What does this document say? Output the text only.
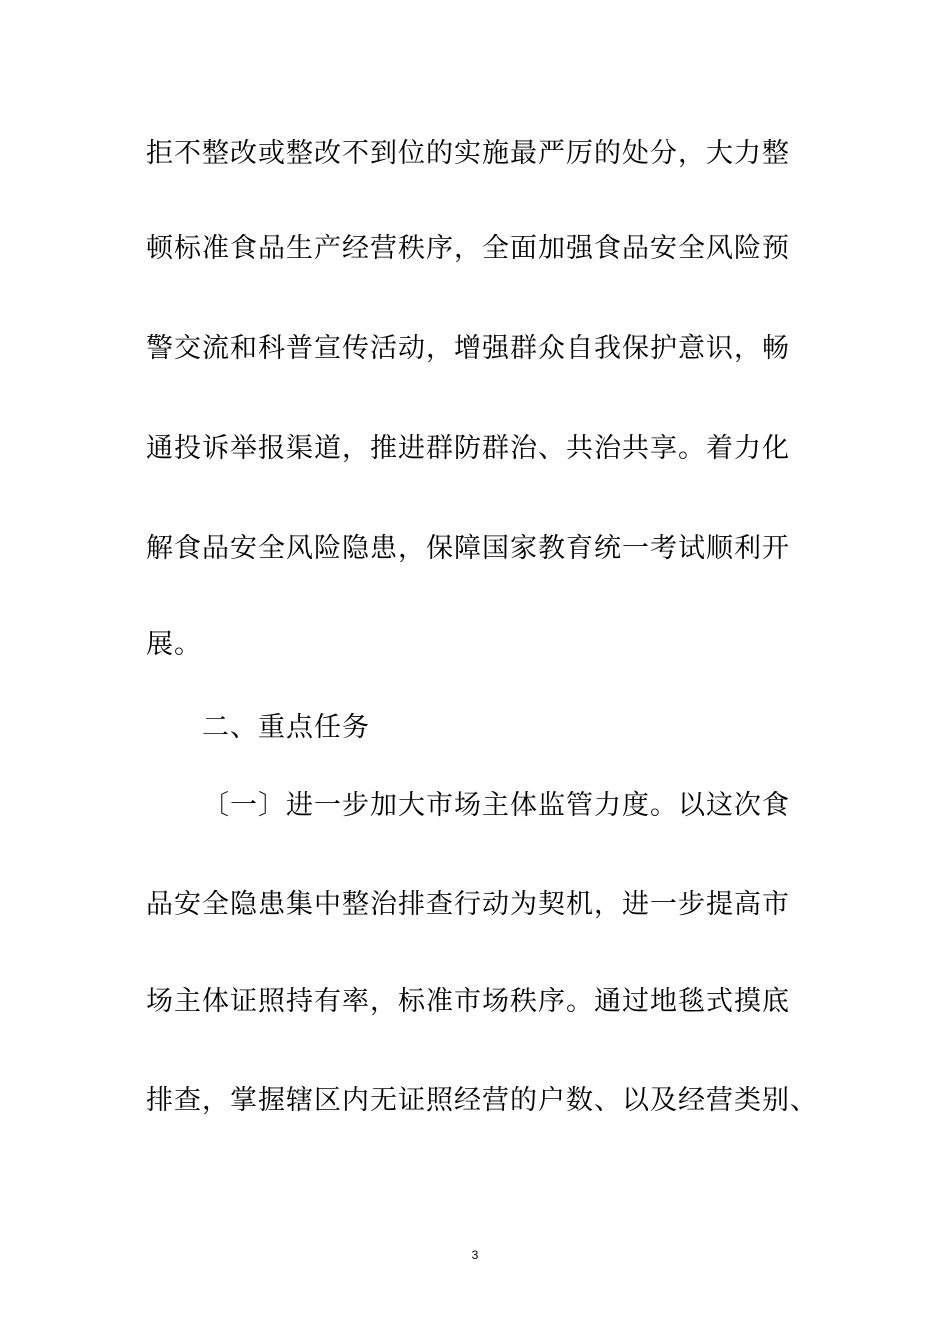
拒不整改或整改不到位的实施最严厉的处分，大力整
顿标准食品生产经营秩序，全面加强食品安全风险预
警交流和科普宣传活动，增强群众自我保护意识，畅
通投诉举报渠道，推进群防群治、共治共享。着力化
解食品安全风险隐患，保障国家教育统一考试顺利开
展。
二、重点任务
〔一〕进一步加大市场主体监管力度。以这次食
品安全隐患集中整治排查行动为契机，进一步提高市
场主体证照持有率，标准市场秩序。通过地毯式摸底
排查，掌握辖区内无证照经营的户数、以及经营类别、
3
